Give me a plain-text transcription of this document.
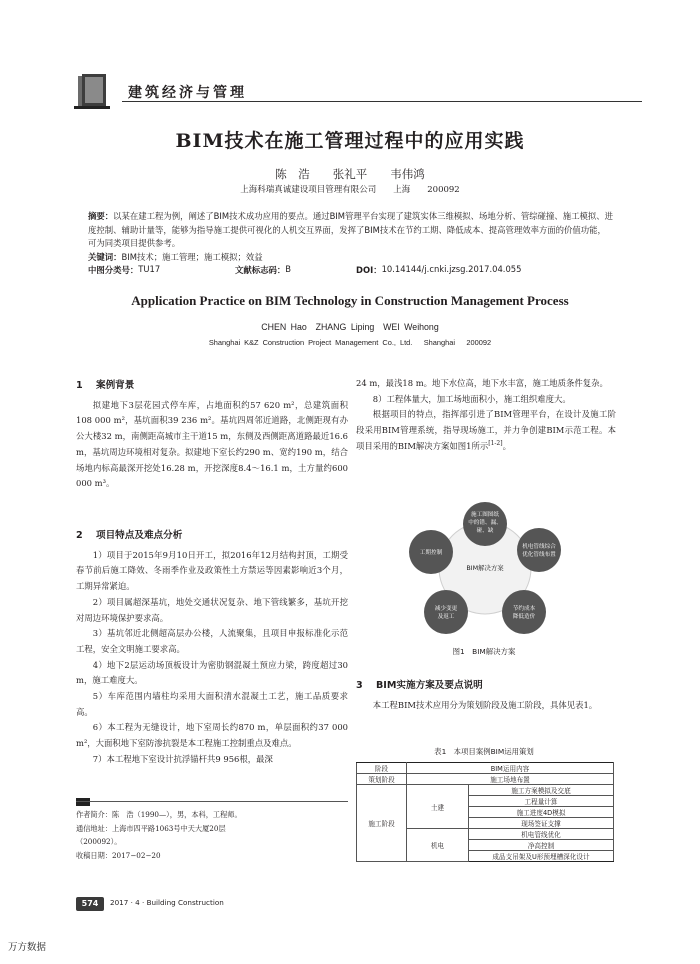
建筑经济与管理
BIM技术在施工管理过程中的应用实践
陈　浩　　张礼平　　韦伟鸿
上海科瑞真诚建设项目管理有限公司　　上海　　200092
摘要：以某在建工程为例，阐述了BIM技术成功应用的要点。通过BIM管理平台实现了建筑实体三维模拟、场地分析、管综碰撞、施工模拟、进度控制、辅助计量等，能够为指导施工提供可视化的人机交互界面，发挥了BIM技术在节约工期、降低成本、提高管理效率方面的价值功能，可为同类项目提供参考。
关键词：BIM技术；施工管理；施工模拟；效益
中图分类号： TU17	文献标志码： B	DOI： 10.14144/j.cnki.jzsg.2017.04.055
Application Practice on BIM Technology in Construction Management Process
CHEN Hao　ZHANG Liping　WEI Weihong
Shanghai K&Z Construction Project Management Co., Ltd.　 Shanghai　 200092
1 案例背景

拟建地下3层花园式停车库，占地面积约57 620 m²，总建筑面积108 000 m²，基坑面积39 236 m²。基坑四周邻近道路，北侧距现有办公大楼32 m，南侧距高城市主干道15 m，东侧及西侧距离道路最近16.6 m，基坑周边环境相对复杂。拟建地下室长约290 m、宽约190 m，结合场地内标高最深开挖处16.28 m，开挖深度8.4～16.1 m，土方量约600 000 m³。

2 项目特点及难点分析

1）项目于2015年9月10日开工，拟2016年12月结构封顶，工期受春节前后施工降效、冬雨季作业及政策性土方禁运等因素影响近3个月，工期异常紧迫。

2）项目属超深基坑，地处交通状况复杂、地下管线繁多，基坑开挖对周边环境保护要求高。

3）基坑邻近北侧超高层办公楼，人流聚集，且项目申报标准化示范工程，安全文明施工要求高。

4）地下2层运动场顶板设计为密肋钢混凝土预应力梁，跨度超过30 m，施工难度大。

5）车库范围内墙柱均采用大面积清水混凝土工艺，施工品质要求高。

6）本工程为无缝设计，地下室周长约870 m，单层面积约37 000 m²，大面积地下室防渗抗裂是本工程施工控制重点及难点。

7）本工程地下室设计抗浮锚杆共9 956根，最深

24 m，最浅18 m。地下水位高，地下水丰富，施工地质条件复杂。

8）工程体量大，加工场地面积小，施工组织难度大。

根据项目的特点，指挥部引进了BIM管理平台，在设计及施工阶段采用BIM管理系统，指导现场施工，并力争创建BIM示范工程。本项目采用的BIM解决方案如图1所示[1-2]。

BIM解决方案
施工图图纸
中的错、漏、
碰、缺
机电管线综合
优化管线布置
节约成本
降低造价
减少变更
及返工
工期控制
图1　BIM解决方案
3 BIM实施方案及要点说明

本工程BIM技术应用分为策划阶段及施工阶段，具体见表1。

表1　本项目案例BIM运用策划
阶段	BIM运用内容	
策划阶段	施工场地布置	
施工阶段	土建	施工方案模拟及交底
		工程量计算
		施工进度4D模拟
		现场签证支撑
	机电	机电管线优化
		净高控制
		成品支吊架及U形预埋槽深化设计
作者简介：陈　浩（1990—），男，本科，工程师。
通信地址：上海市四平路1063号中天大厦20层
（200092）。
收稿日期：2017−02−20
574	2017 · 4 · Building Construction
万方数据
